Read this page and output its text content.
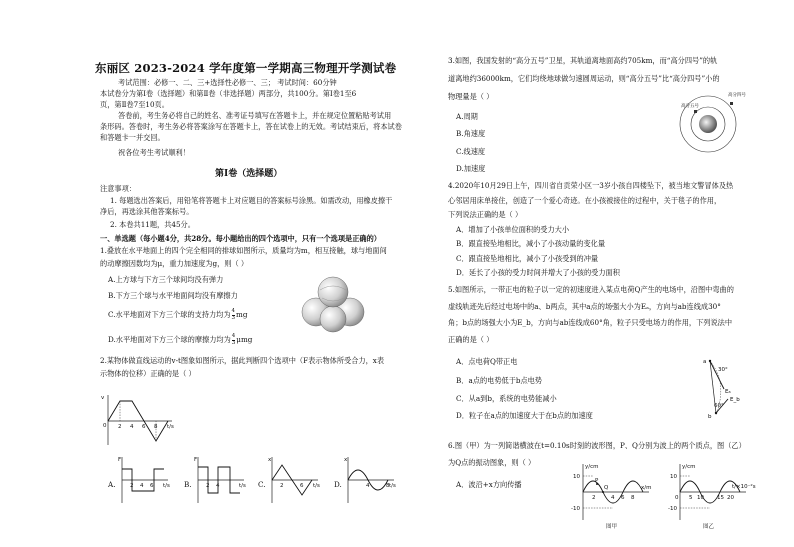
东丽区 2023-2024 学年度第一学期高三物理开学测试卷
考试范围：必修一、二、三+选择性必修一、三； 考试时间：60分钟
本试卷分为第Ⅰ卷（选择题）和第Ⅱ卷（非选择题）两部分，共100分。第Ⅰ卷1至6
页，第Ⅱ卷7至10页。
答卷前，考生务必将自己的姓名、准考证号填写在答题卡上，并在规定位置粘贴考试用
条形码。答卷时，考生务必将答案涂写在答题卡上，答在试卷上的无效。考试结束后，将本试卷
和答题卡一并交回。
祝各位考生考试顺利！
第Ⅰ卷（选择题）
注意事项：
1. 每题选出答案后，用铅笔将答题卡上对应题目的答案标号涂黑。如需改动，用橡皮擦干
净后，再选涂其他答案标号。
2. 本卷共11题，共45分。
一、单选题（每小题4分，共28分。每小题给出的四个选项中，只有一个选项是正确的）
1.叠放在水平地面上的四个完全相同的排球如图所示，质量均为m，相互接触，球与地面间
的动摩擦因数均为μ，重力加速度为g，则（ ）
A.上方球与下方三个球间均没有弹力
B.下方三个球与水平地面间均没有摩擦力
C.水平地面对下方三个球的支持力均为 $\frac{4}{3}$ mg
D.水平地面对下方三个球的摩擦力均为 $\frac{4}{3}$ μmg
2.某物体做直线运动的v-t图象如图所示，据此判断四个选项中（F表示物体所受合力，x表
示物体的位移）正确的是（ ）
v
t/s
0 2 4 6 8
A.
F
t/s
2 4 6	B.
F
t/s
2 4	C.
x
t/s
2	6	D.
x
t/s
4	8
3.如图，我国发射的“高分五号”卫星，其轨道离地面高约705km，而“高分四号”的轨
道离地约36000km，它们均绕地球做匀速圆周运动，则“高分五号”比“高分四号”小的
物理量是（ ）
A.周期
B.角速度
C.线速度
D.加速度
高分四号
高分五号
4.2020年10月29日上午，四川省自贡荣小区一3岁小孩自四楼坠下，被当地文警冒体及热
心邻居用床单接住，创造了一个爱心奇迹。在小孩被接住的过程中，关于毯子的作用，
下列说法正确的是（ ）
A．增加了小孩单位面积的受力大小
B．跟直接坠地相比，减小了小孩动量的变化量
C．跟直接坠地相比，减小了小孩受到的冲量
D．延长了小孩的受力时间并增大了小孩的受力面积
5.如图所示，一带正电的粒子以一定的初速度进入某点电荷Q产生的电场中，沿图中弯曲的
虚线轨迹先后经过电场中的a、b两点，其中a点的场强大小为Eₐ，方向与ab连线成30°
角；b点的场强大小为E_b，方向与ab连线成60°角，粒子只受电场力的作用，下列说法中
正确的是（ ）
A．点电荷Q带正电
B．a点的电势低于b点电势
C．从a到b，系统的电势能减小
D．粒子在a点的加速度大于在b点的加速度
a
b
30°
60°
Eₐ
E_b
6.图（甲）为一列简谐横波在t=0.10s时刻的波形图，P、Q分别为波上的两个质点，图（乙）
为Q点的振动图象，则（ ）
A．波沿+x方向传播
y/cm
10
-10
P
Q	x/m
2	4 6 8
图甲
y/cm
10
-10
0 5 10 15 20
t/×10⁻²s
图乙
